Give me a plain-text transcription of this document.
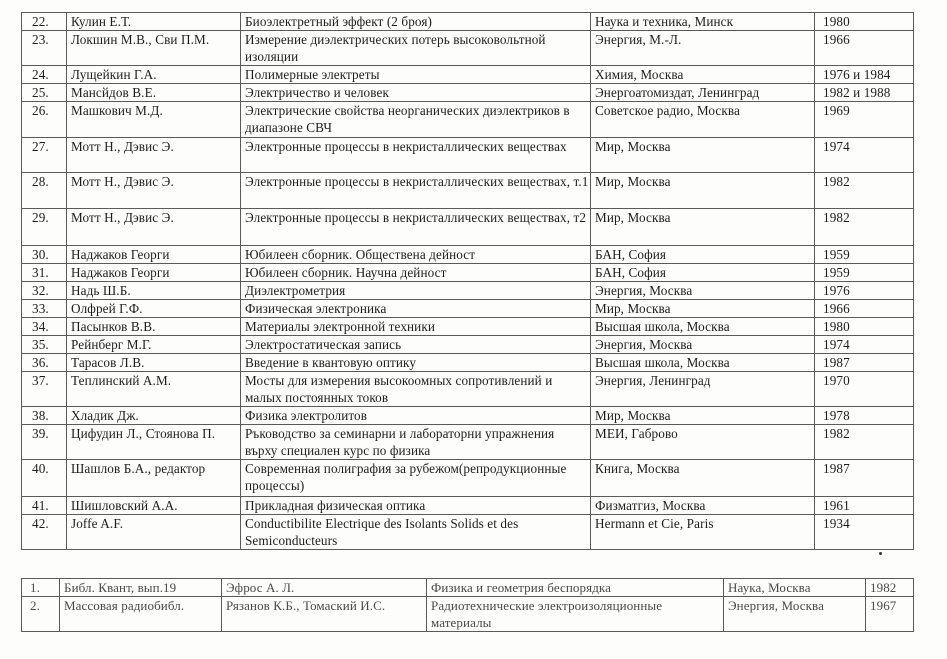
22.	Кулин Е.Т.	Биоэлектретный эффект (2 броя)	Наука и техника, Минск	1980
23.	Локшин М.В., Сви П.М.	Измерение диэлектрических потерь высоковольтной изоляции	Энергия, М.-Л.	1966
24.	Лущейкин Г.А.	Полимерные электреты	Химия, Москва	1976 и 1984
25.	Мансйдов В.Е.	Электричество и человек	Энергоатомиздат, Ленинград	1982 и 1988
26.	Машкович М.Д.	Электрические свойства неорганических диэлектриков в диапазоне СВЧ	Советское радио, Москва	1969
27.	Мотт Н., Дэвис Э.	Электронные процессы в некристаллических веществах	Мир, Москва	1974
28.	Мотт Н., Дэвис Э.	Электронные процессы в некристаллических веществах, т.1	Мир, Москва	1982
29.	Мотт Н., Дэвис Э.	Электронные процессы в некристаллических веществах, т2	Мир, Москва	1982
30.	Наджаков Георги	Юбилеен сборник. Обществена дейност	БАН, София	1959
31.	Наджаков Георги	Юбилеен сборник. Научна дейност	БАН, София	1959
32.	Надь Ш.Б.	Диэлектрометрия	Энергия, Москва	1976
33.	Олфрей Г.Ф.	Физическая электроника	Мир, Москва	1966
34.	Пасынков В.В.	Материалы электронной техники	Высшая школа, Москва	1980
35.	Рейнберг М.Г.	Электростатическая запись	Энергия, Москва	1974
36.	Тарасов Л.В.	Введение в квантовую оптику	Высшая школа, Москва	1987
37.	Теплинский А.М.	Мосты для измерения высокоомных сопротивлений и малых постоянных токов	Энергия, Ленинград	1970
38.	Хладик Дж.	Физика электролитов	Мир, Москва	1978
39.	Цифудин Л., Стоянова П.	Ръководство за семинарни и лабораторни упражнения върху специален курс по физика	МЕИ, Габрово	1982
40.	Шашлов Б.А., редактор	Современная полиграфия за рубежом(репродукционные процессы)	Книга, Москва	1987
41.	Шишловский А.А.	Прикладная физическая оптика	Физматгиз, Москва	1961
42.	Joffe A.F.	Conductibilite Electrique des Isolants Solids et des Semiconducteurs	Hermann et Cie, Paris	1934
1.	Библ. Квант, вып.19	Эфрос А. Л.	Физика и геометрия беспорядка	Наука, Москва	1982
2.	Массовая радиобибл.	Рязанов К.Б., Томаский И.С.	Радиотехнические электроизоляционные материалы	Энергия, Москва	1967
